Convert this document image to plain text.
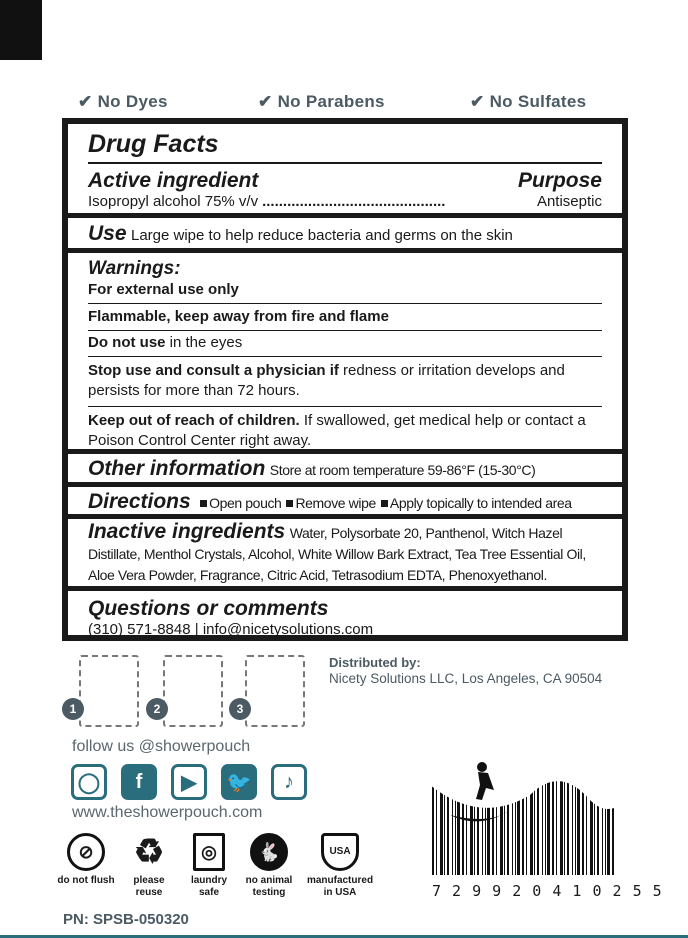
✔ No Dyes	✔ No Parabens	✔ No Sulfates
Drug Facts
Active ingredient	Purpose
Isopropyl alcohol 75% v/v ............................................	Antiseptic
Use Large wipe to help reduce bacteria and germs on the skin
Warnings:
For external use only
Flammable, keep away from fire and flame
Do not use in the eyes
Stop use and consult a physician if redness or irritation develops and persists for more than 72 hours.
Keep out of reach of children. If swallowed, get medical help or contact a Poison Control Center right away.
Other information Store at room temperature 59-86°F (15-30°C)
Directions Open pouch Remove wipe Apply topically to intended area
Inactive ingredients Water, Polysorbate 20, Panthenol, Witch Hazel Distillate, Menthol Crystals, Alcohol, White Willow Bark Extract, Tea Tree Essential Oil, Aloe Vera Powder, Fragrance, Citric Acid, Tetrasodium EDTA, Phenoxyethanol.
Questions or comments
(310) 571-8848 | info@nicetysolutions.com
1	2	3
Distributed by:
Nicety Solutions LLC, Los Angeles, CA 90504
follow us @showerpouch
◯	f	▶	🐦	♪
www.theshowerpouch.com
⊘
do not flush
♻
please reuse
◎
laundry safe
🐇
no animal testing
USA
manufactured in USA	7 2 9 9 2 0 4 1 0 2 5 5
PN: SPSB-050320
